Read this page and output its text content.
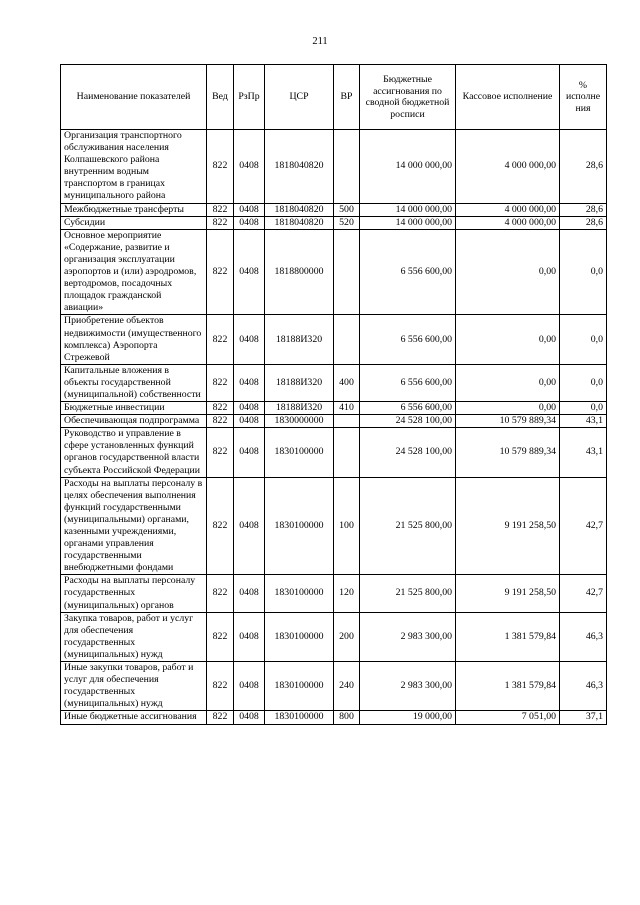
211
Наименование показателей	Вед	РзПр	ЦСР	ВР	Бюджетные ассигнования по сводной бюджетной росписи	Кассовое исполнение	% исполне ния
Организация транспортного обслуживания населения Колпашевского района внутренним водным транспортом в границах муниципального района	822	0408	1818040820		14 000 000,00	4 000 000,00	28,6
Межбюджетные трансферты	822	0408	1818040820	500	14 000 000,00	4 000 000,00	28,6
Субсидии	822	0408	1818040820	520	14 000 000,00	4 000 000,00	28,6
Основное мероприятие «Содержание, развитие и организация эксплуатации аэропортов и (или) аэродромов, вертодромов, посадочных площадок гражданской авиации»	822	0408	1818800000		6 556 600,00	0,00	0,0
Приобретение объектов недвижимости (имущественного комплекса) Аэропорта Стрежевой	822	0408	18188И320		6 556 600,00	0,00	0,0
Капитальные вложения в объекты государственной (муниципальной) собственности	822	0408	18188И320	400	6 556 600,00	0,00	0,0
Бюджетные инвестиции	822	0408	18188И320	410	6 556 600,00	0,00	0,0
Обеспечивающая подпрограмма	822	0408	1830000000		24 528 100,00	10 579 889,34	43,1
Руководство и управление в сфере установленных функций органов государственной власти субъекта Российской Федерации	822	0408	1830100000		24 528 100,00	10 579 889,34	43,1
Расходы на выплаты персоналу в целях обеспечения выполнения функций государственными (муниципальными) органами, казенными учреждениями, органами управления государственными внебюджетными фондами	822	0408	1830100000	100	21 525 800,00	9 191 258,50	42,7
Расходы на выплаты персоналу государственных (муниципальных) органов	822	0408	1830100000	120	21 525 800,00	9 191 258,50	42,7
Закупка товаров, работ и услуг для обеспечения государственных (муниципальных) нужд	822	0408	1830100000	200	2 983 300,00	1 381 579,84	46,3
Иные закупки товаров, работ и услуг для обеспечения государственных (муниципальных) нужд	822	0408	1830100000	240	2 983 300,00	1 381 579,84	46,3
Иные бюджетные ассигнования	822	0408	1830100000	800	19 000,00	7 051,00	37,1
